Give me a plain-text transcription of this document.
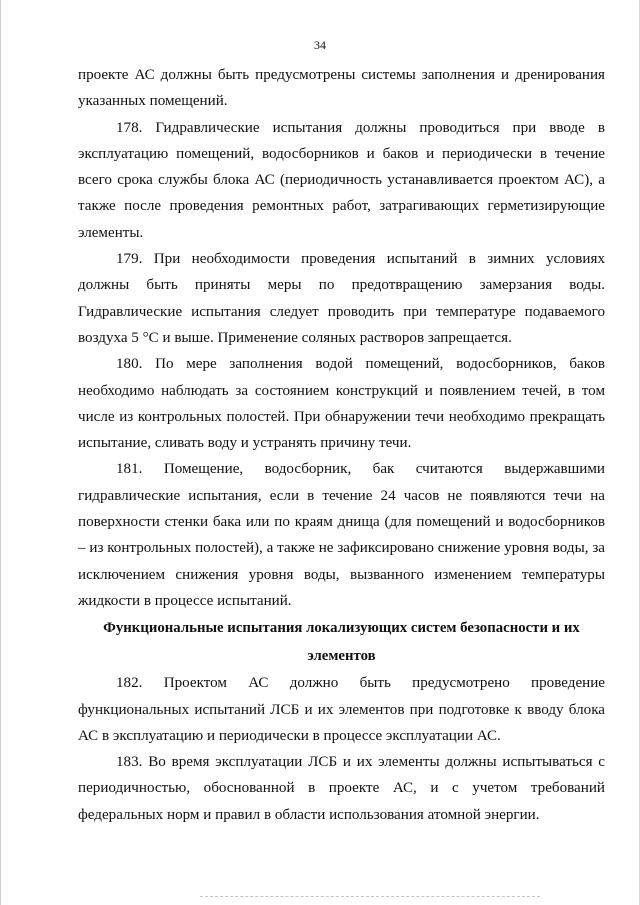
34

проекте АС должны быть предусмотрены системы заполнения и дренирования указанных помещений.

178. Гидравлические испытания должны проводиться при вводе в эксплуатацию помещений, водосборников и баков и периодически в течение всего срока службы блока АС (периодичность устанавливается проектом АС), а также после проведения ремонтных работ, затрагивающих герметизирующие элементы.

179. При необходимости проведения испытаний в зимних условиях должны быть приняты меры по предотвращению замерзания воды. Гидравлические испытания следует проводить при температуре подаваемого воздуха 5 °С и выше. Применение соляных растворов запрещается.

180. По мере заполнения водой помещений, водосборников, баков необходимо наблюдать за состоянием конструкций и появлением течей, в том числе из контрольных полостей. При обнаружении течи необходимо прекращать испытание, сливать воду и устранять причину течи.

181. Помещение, водосборник, бак считаются выдержавшими гидравлические испытания, если в течение 24 часов не появляются течи на поверхности стенки бака или по краям днища (для помещений и водосборников – из контрольных полостей), а также не зафиксировано снижение уровня воды, за исключением снижения уровня воды, вызванного изменением температуры жидкости в процессе испытаний.

Функциональные испытания локализующих систем безопасности и их элементов

182. Проектом АС должно быть предусмотрено проведение функциональных испытаний ЛСБ и их элементов при подготовке к вводу блока АС в эксплуатацию и периодически в процессе эксплуатации АС.

183. Во время эксплуатации ЛСБ и их элементы должны испытываться с периодичностью, обоснованной в проекте АС, и с учетом требований федеральных норм и правил в области использования атомной энергии.
